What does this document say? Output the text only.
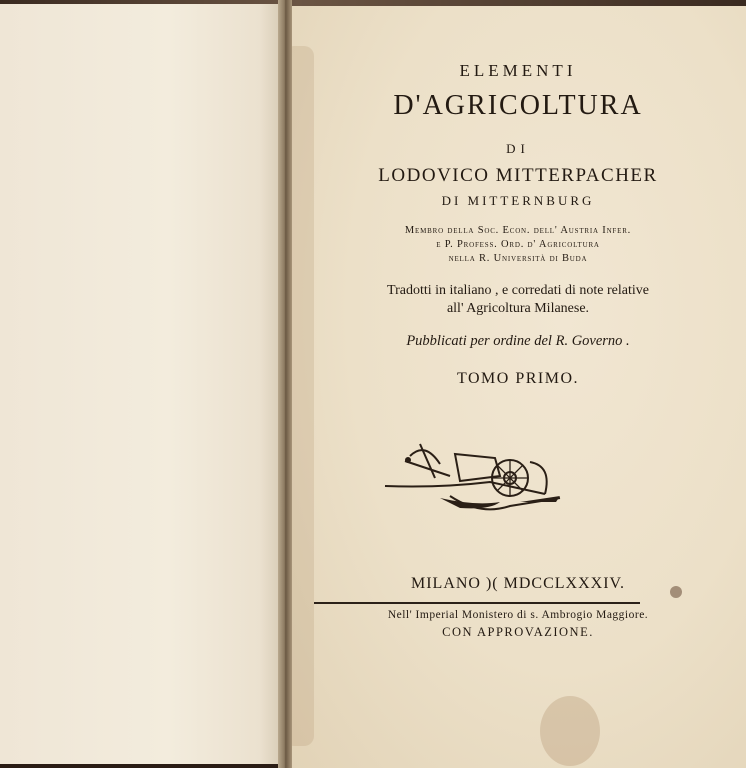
ELEMENTI
D'AGRICOLTURA
DI
LODOVICO MITTERPACHER
DI MITTERNBURG
Membro della Soc. Econ. dell' Austria Infer.
e P. Profess. Ord. d' Agricoltura
nella R. Università di Buda
Tradotti in italiano , e corredati di note relative
all' Agricoltura Milanese.
Pubblicati per ordine del R. Governo .
TOMO PRIMO.
MILANO )( MDCCLXXXIV.
Nell' Imperial Monistero di s. Ambrogio Maggiore.
CON APPROVAZIONE.
